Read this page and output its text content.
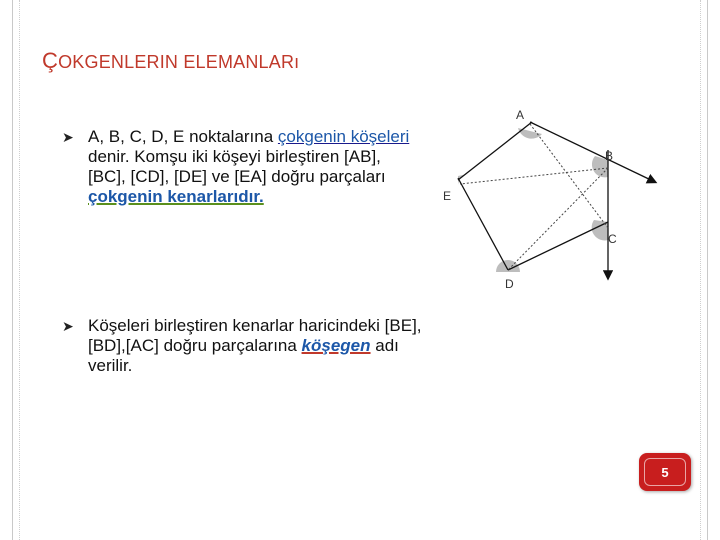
ÇOKGENLERIN ELEMANLARı
➤ A, B, C, D, E noktalarına çokgenin köşeleri denir. Komşu iki köşeyi birleştiren [AB], [BC], [CD], [DE] ve [EA] doğru parçaları çokgenin kenarlarıdır.
➤ Köşeleri birleştiren kenarlar haricindeki [BE],[BD],[AC] doğru parçalarına köşegen adı verilir.
A
B
C
D
E
5
